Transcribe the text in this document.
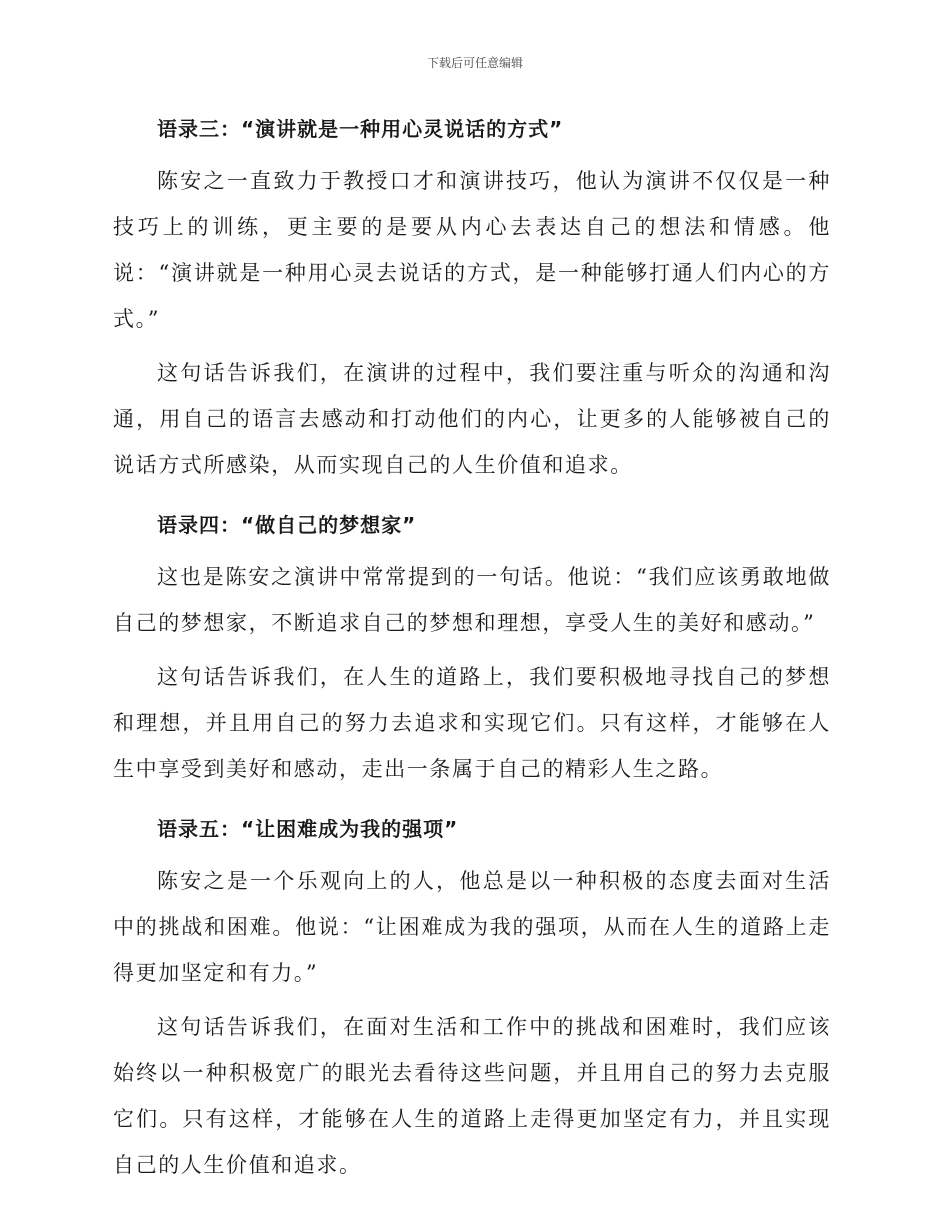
下载后可任意编辑
语录三：“演讲就是一种用心灵说话的方式”

陈安之一直致力于教授口才和演讲技巧，他认为演讲不仅仅是一种技巧上的训练，更主要的是要从内心去表达自己的想法和情感。他说：“演讲就是一种用心灵去说话的方式，是一种能够打通人们内心的方式。”

这句话告诉我们，在演讲的过程中，我们要注重与听众的沟通和沟通，用自己的语言去感动和打动他们的内心，让更多的人能够被自己的说话方式所感染，从而实现自己的人生价值和追求。

语录四：“做自己的梦想家”

这也是陈安之演讲中常常提到的一句话。他说：“我们应该勇敢地做自己的梦想家，不断追求自己的梦想和理想，享受人生的美好和感动。”

这句话告诉我们，在人生的道路上，我们要积极地寻找自己的梦想和理想，并且用自己的努力去追求和实现它们。只有这样，才能够在人生中享受到美好和感动，走出一条属于自己的精彩人生之路。

语录五：“让困难成为我的强项”

陈安之是一个乐观向上的人，他总是以一种积极的态度去面对生活中的挑战和困难。他说：“让困难成为我的强项，从而在人生的道路上走得更加坚定和有力。”

这句话告诉我们，在面对生活和工作中的挑战和困难时，我们应该始终以一种积极宽广的眼光去看待这些问题，并且用自己的努力去克服它们。只有这样，才能够在人生的道路上走得更加坚定有力，并且实现自己的人生价值和追求。
